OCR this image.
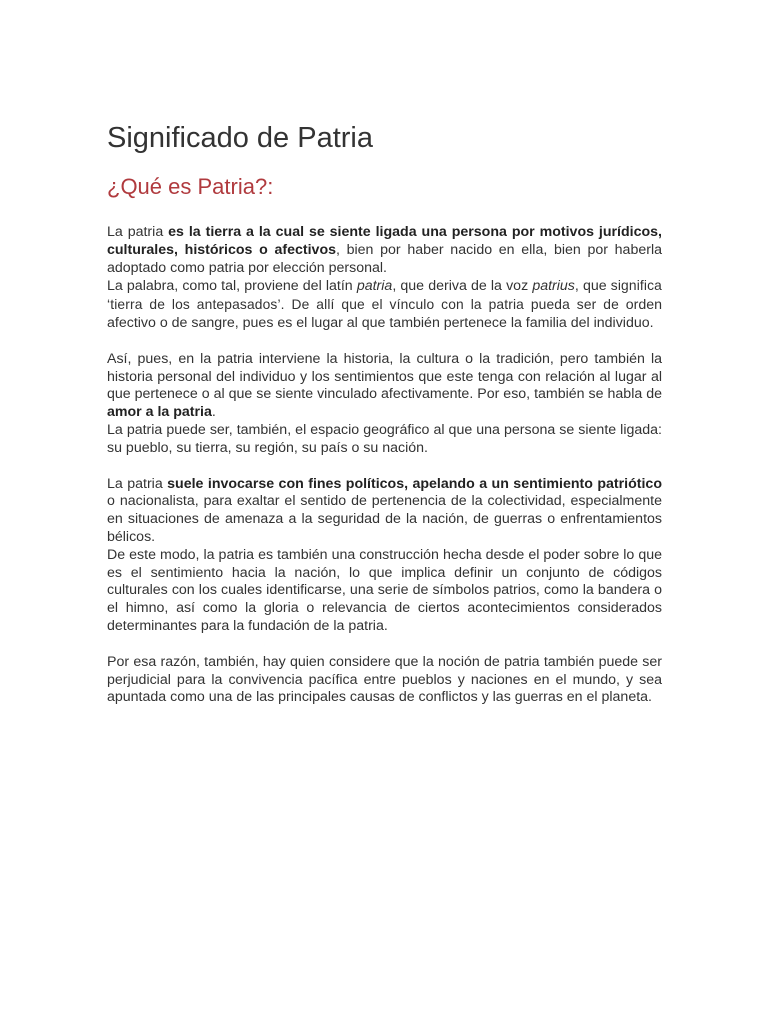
Significado de Patria
¿Qué es Patria?:

La patria es la tierra a la cual se siente ligada una persona por motivos jurídicos, culturales, históricos o afectivos, bien por haber nacido en ella, bien por haberla adoptado como patria por elección personal.

La palabra, como tal, proviene del latín patria, que deriva de la voz patrius, que significa ‘tierra de los antepasados’. De allí que el vínculo con la patria pueda ser de orden afectivo o de sangre, pues es el lugar al que también pertenece la familia del individuo.

Así, pues, en la patria interviene la historia, la cultura o la tradición, pero también la historia personal del individuo y los sentimientos que este tenga con relación al lugar al que pertenece o al que se siente vinculado afectivamente. Por eso, también se habla de amor a la patria.

La patria puede ser, también, el espacio geográfico al que una persona se siente ligada: su pueblo, su tierra, su región, su país o su nación.

La patria suele invocarse con fines políticos, apelando a un sentimiento patriótico o nacionalista, para exaltar el sentido de pertenencia de la colectividad, especialmente en situaciones de amenaza a la seguridad de la nación, de guerras o enfrentamientos bélicos.

De este modo, la patria es también una construcción hecha desde el poder sobre lo que es el sentimiento hacia la nación, lo que implica definir un conjunto de códigos culturales con los cuales identificarse, una serie de símbolos patrios, como la bandera o el himno, así como la gloria o relevancia de ciertos acontecimientos considerados determinantes para la fundación de la patria.

Por esa razón, también, hay quien considere que la noción de patria también puede ser perjudicial para la convivencia pacífica entre pueblos y naciones en el mundo, y sea apuntada como una de las principales causas de conflictos y las guerras en el planeta.
